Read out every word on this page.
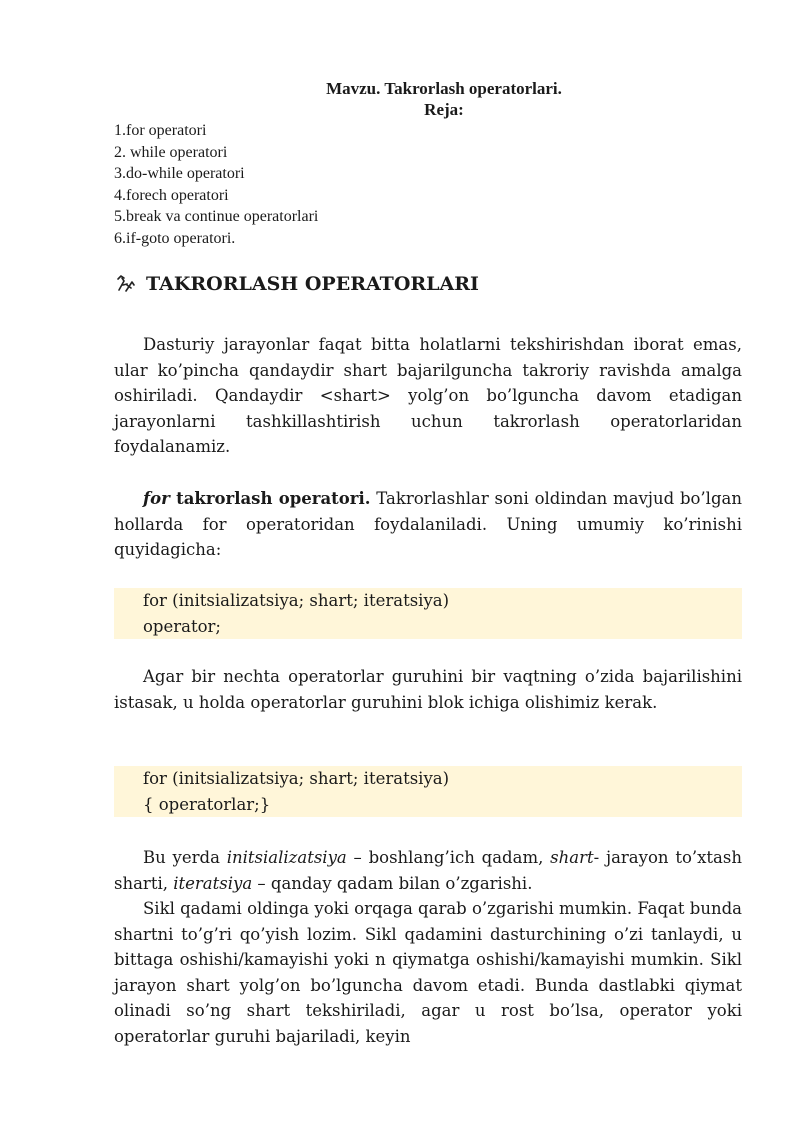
Mavzu. Takrorlash operatorlari.
Reja:
1.for operatori
2. while operatori
3.do-while operatori
4.forech operatori
5.break va continue operatorlari
6.if-goto operatori.
TAKRORLASH OPERATORLARI

Dasturiy jarayonlar faqat bitta holatlarni tekshirishdan iborat emas, ular ko’pincha qandaydir shart bajarilguncha takroriy ravishda amalga oshiriladi. Qandaydir <shart> yolg’on bo’lguncha davom etadigan jarayonlarni tashkillashtirish uchun takrorlash operatorlaridan foydalanamiz.

for takrorlash operatori. Takrorlashlar soni oldindan mavjud bo’lgan hollarda for operatoridan foydalaniladi. Uning umumiy ko’rinishi quyidagicha:

for (initsializatsiya; shart; iteratsiya)
operator;

Agar bir nechta operatorlar guruhini bir vaqtning o’zida bajarilishini istasak, u holda operatorlar guruhini blok ichiga olishimiz kerak.

for (initsializatsiya; shart; iteratsiya)
{ operatorlar;}

Bu yerda initsializatsiya – boshlang’ich qadam, shart- jarayon to’xtash sharti, iteratsiya – qanday qadam bilan o’zgarishi.

Sikl qadami oldinga yoki orqaga qarab o’zgarishi mumkin. Faqat bunda shartni to’g’ri qo’yish lozim. Sikl qadamini dasturchining o’zi tanlaydi, u bittaga oshishi/kamayishi yoki n qiymatga oshishi/kamayishi mumkin. Sikl jarayon shart yolg’on bo’lguncha davom etadi. Bunda dastlabki qiymat olinadi so’ng shart tekshiriladi, agar u rost bo’lsa, operator yoki operatorlar guruhi bajariladi, keyin
